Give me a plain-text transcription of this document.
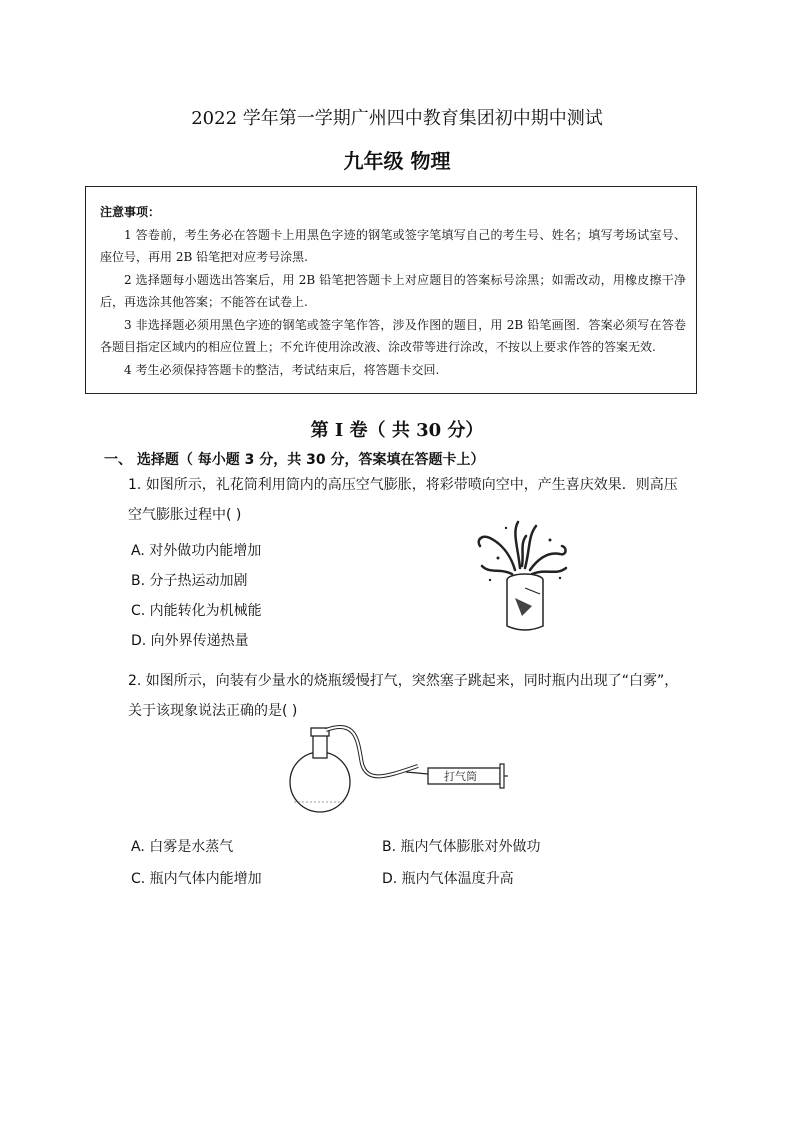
2022 学年第一学期广州四中教育集团初中期中测试
九年级 物理
注意事项：
1 答卷前，考生务必在答题卡上用黑色字迹的钢笔或签字笔填写自己的考生号、姓名；填写考场试室号、座位号，再用 2B 铅笔把对应考号涂黑.
2 选择题每小题选出答案后，用 2B 铅笔把答题卡上对应题目的答案标号涂黑；如需改动，用橡皮擦干净后，再选涂其他答案；不能答在试卷上.
3 非选择题必须用黑色字迹的钢笔或签字笔作答，涉及作图的题目，用 2B 铅笔画图．答案必须写在答卷各题目指定区域内的相应位置上；不允许使用涂改液、涂改带等进行涂改，不按以上要求作答的答案无效.
4 考生必须保持答题卡的整洁，考试结束后，将答题卡交回.
第 I 卷（ 共 30 分）
一、 选择题（ 每小题 3 分，共 30 分，答案填在答题卡上）
1. 如图所示，礼花筒利用筒内的高压空气膨胀，将彩带喷向空中，产生喜庆效果．则高压空气膨胀过程中( )
A. 对外做功内能增加
B. 分子热运动加剧
C. 内能转化为机械能
D. 向外界传递热量
2. 如图所示，向装有少量水的烧瓶缓慢打气，突然塞子跳起来，同时瓶内出现了“白雾”，关于该现象说法正确的是( )
打气筒
A. 白雾是水蒸气	B. 瓶内气体膨胀对外做功
C. 瓶内气体内能增加	D. 瓶内气体温度升高
